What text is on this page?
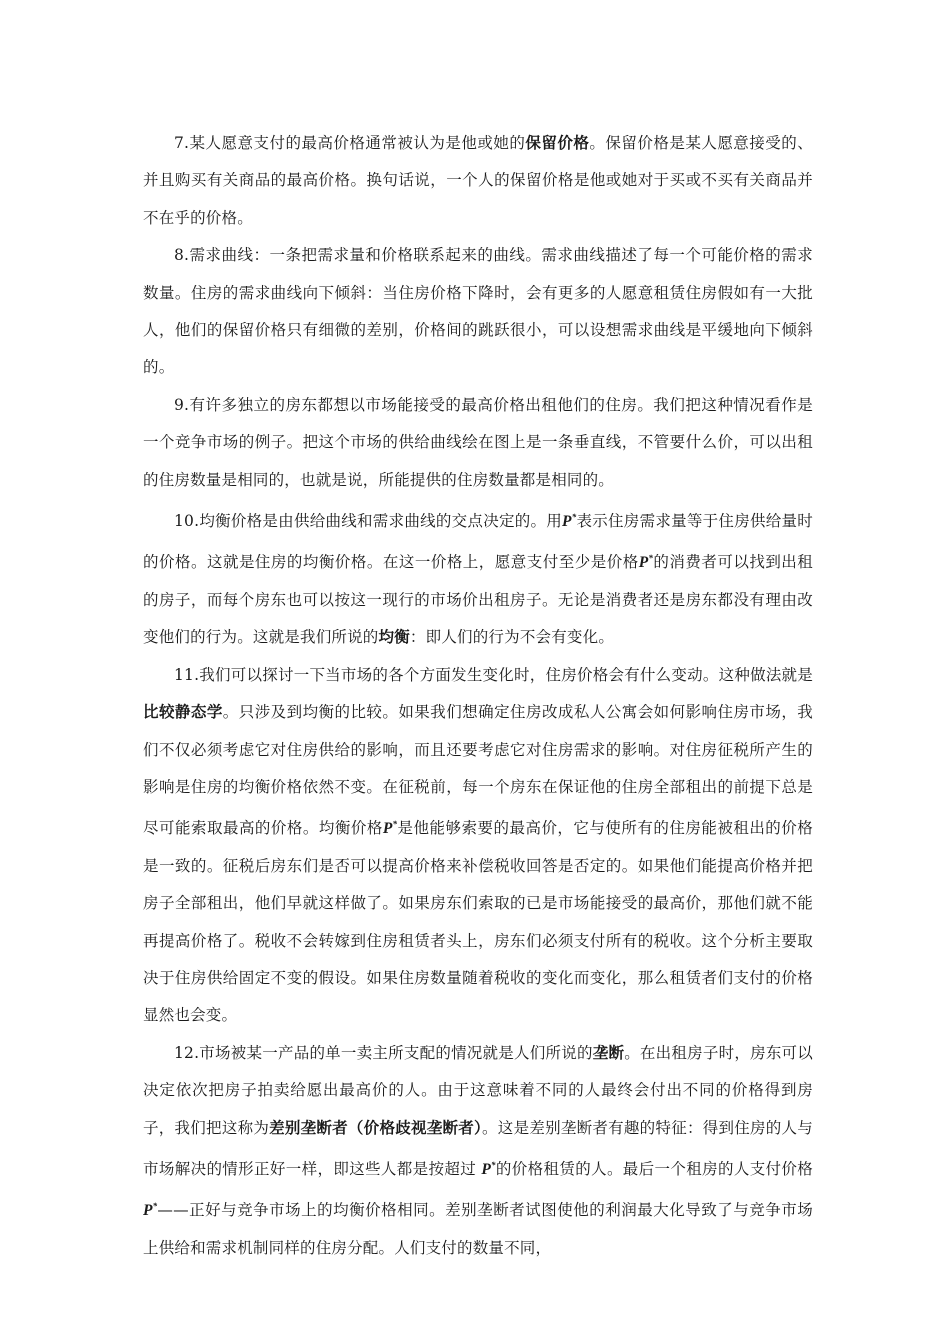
7.某人愿意支付的最高价格通常被认为是他或她的保留价格。保留价格是某人愿意接受的、并且购买有关商品的最高价格。换句话说，一个人的保留价格是他或她对于买或不买有关商品并不在乎的价格。

8.需求曲线：一条把需求量和价格联系起来的曲线。需求曲线描述了每一个可能价格的需求数量。住房的需求曲线向下倾斜：当住房价格下降时，会有更多的人愿意租赁住房假如有一大批人，他们的保留价格只有细微的差别，价格间的跳跃很小，可以设想需求曲线是平缓地向下倾斜的。

9.有许多独立的房东都想以市场能接受的最高价格出租他们的住房。我们把这种情况看作是一个竞争市场的例子。把这个市场的供给曲线绘在图上是一条垂直线，不管要什么价，可以出租的住房数量是相同的，也就是说，所能提供的住房数量都是相同的。

10.均衡价格是由供给曲线和需求曲线的交点决定的。用P*表示住房需求量等于住房供给量时的价格。这就是住房的均衡价格。在这一价格上，愿意支付至少是价格P*的消费者可以找到出租的房子，而每个房东也可以按这一现行的市场价出租房子。无论是消费者还是房东都没有理由改变他们的行为。这就是我们所说的均衡：即人们的行为不会有变化。

11.我们可以探讨一下当市场的各个方面发生变化时，住房价格会有什么变动。这种做法就是比较静态学。只涉及到均衡的比较。如果我们想确定住房改成私人公寓会如何影响住房市场，我们不仅必须考虑它对住房供给的影响，而且还要考虑它对住房需求的影响。对住房征税所产生的影响是住房的均衡价格依然不变。在征税前，每一个房东在保证他的住房全部租出的前提下总是尽可能索取最高的价格。均衡价格P*是他能够索要的最高价，它与使所有的住房能被租出的价格是一致的。征税后房东们是否可以提高价格来补偿税收回答是否定的。如果他们能提高价格并把房子全部租出，他们早就这样做了。如果房东们索取的已是市场能接受的最高价，那他们就不能再提高价格了。税收不会转嫁到住房租赁者头上，房东们必须支付所有的税收。这个分析主要取决于住房供给固定不变的假设。如果住房数量随着税收的变化而变化，那么租赁者们支付的价格显然也会变。

12.市场被某一产品的单一卖主所支配的情况就是人们所说的垄断。在出租房子时，房东可以决定依次把房子拍卖给愿出最高价的人。由于这意味着不同的人最终会付出不同的价格得到房子，我们把这称为差别垄断者（价格歧视垄断者）。这是差别垄断者有趣的特征：得到住房的人与市场解决的情形正好一样，即这些人都是按超过 P*的价格租赁的人。最后一个租房的人支付价格 P*——正好与竞争市场上的均衡价格相同。差别垄断者试图使他的利润最大化导致了与竞争市场上供给和需求机制同样的住房分配。人们支付的数量不同，
